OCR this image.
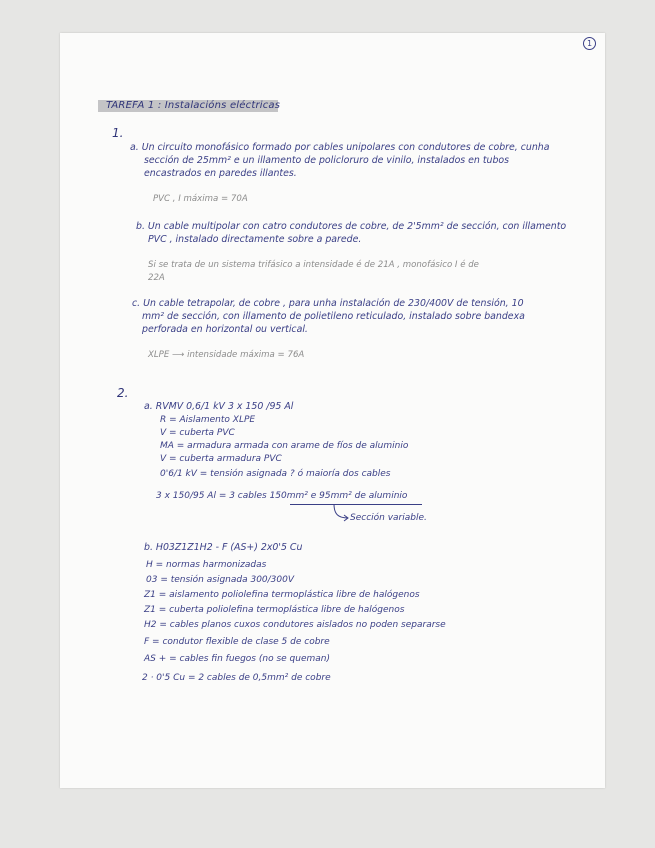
1
TAREFA 1 : Instalacións eléctricas
1.
a. Un circuito monofásico formado por cables unipolares con condutores de cobre, cunha
sección de 25mm² e un illamento de policloruro de vinilo, instalados en tubos
encastrados en paredes illantes.
PVC , I máxima = 70A
b. Un cable multipolar con catro condutores de cobre, de 2'5mm² de sección, con illamento
PVC , instalado directamente sobre a parede.
Si se trata de un sistema trifásico a intensidade é de 21A , monofásico I é de
22A
c. Un cable tetrapolar, de cobre , para unha instalación de 230/400V de tensión, 10
mm² de sección, con illamento de polietileno reticulado, instalado sobre bandexa
perforada en horizontal ou vertical.
XLPE ⟶ intensidade máxima = 76A
2.
a. RVMV 0,6/1 kV 3 x 150 /95 Al
R = Aislamento XLPE
V = cuberta PVC
MA = armadura armada con arame de fíos de aluminio
V = cuberta armadura PVC
0'6/1 kV = tensión asignada ? ó maioría dos cables
3 x 150/95 Al = 3 cables 150mm² e 95mm² de aluminio
Sección variable.
b. H03Z1Z1H2 - F (AS+) 2x0'5 Cu
H = normas harmonizadas
03 = tensión asignada 300/300V
Z1 = aislamento poliolefina termoplástica libre de halógenos
Z1 = cuberta poliolefina termoplástica libre de halógenos
H2 = cables planos cuxos condutores aislados no poden separarse
F = condutor flexible de clase 5 de cobre
AS + = cables fin fuegos (no se queman)
2 · 0'5 Cu = 2 cables de 0,5mm² de cobre
